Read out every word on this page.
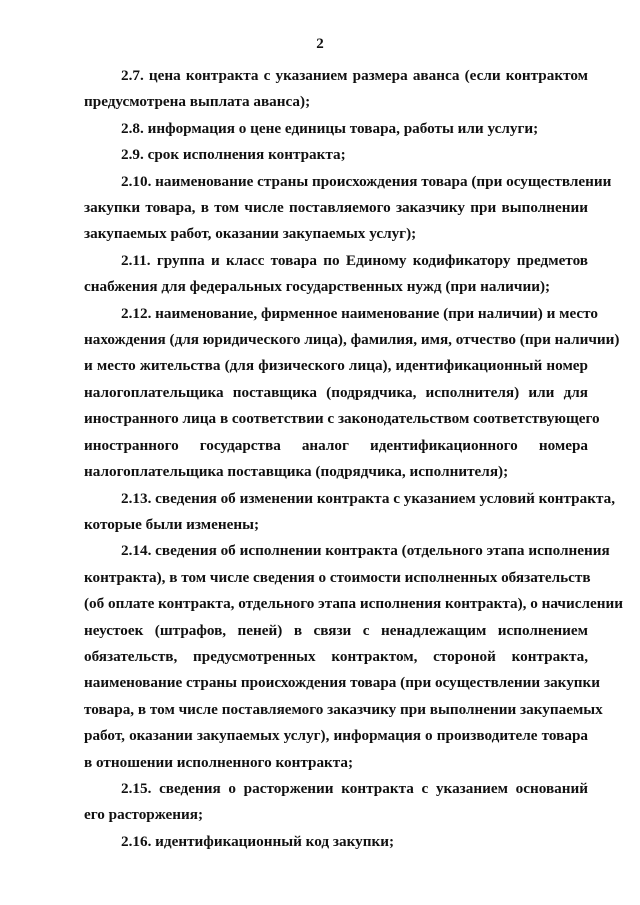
2
2.7. цена контракта с указанием размера аванса (если контрактом
предусмотрена выплата аванса);
2.8. информация о цене единицы товара, работы или услуги;
2.9. срок исполнения контракта;
2.10. наименование страны происхождения товара (при осуществлении
закупки товара, в том числе поставляемого заказчику при выполнении
закупаемых работ, оказании закупаемых услуг);
2.11. группа и класс товара по Единому кодификатору предметов
снабжения для федеральных государственных нужд (при наличии);
2.12. наименование, фирменное наименование (при наличии) и место
нахождения (для юридического лица), фамилия, имя, отчество (при наличии)
и место жительства (для физического лица), идентификационный номер
налогоплательщика поставщика (подрядчика, исполнителя) или для
иностранного лица в соответствии с законодательством соответствующего
иностранного государства аналог идентификационного номера
налогоплательщика поставщика (подрядчика, исполнителя);
2.13. сведения об изменении контракта с указанием условий контракта,
которые были изменены;
2.14. сведения об исполнении контракта (отдельного этапа исполнения
контракта), в том числе сведения о стоимости исполненных обязательств
(об оплате контракта, отдельного этапа исполнения контракта), о начислении
неустоек (штрафов, пеней) в связи с ненадлежащим исполнением
обязательств, предусмотренных контрактом, стороной контракта,
наименование страны происхождения товара (при осуществлении закупки
товара, в том числе поставляемого заказчику при выполнении закупаемых
работ, оказании закупаемых услуг), информация о производителе товара
в отношении исполненного контракта;
2.15. сведения о расторжении контракта с указанием оснований
его расторжения;
2.16. идентификационный код закупки;
